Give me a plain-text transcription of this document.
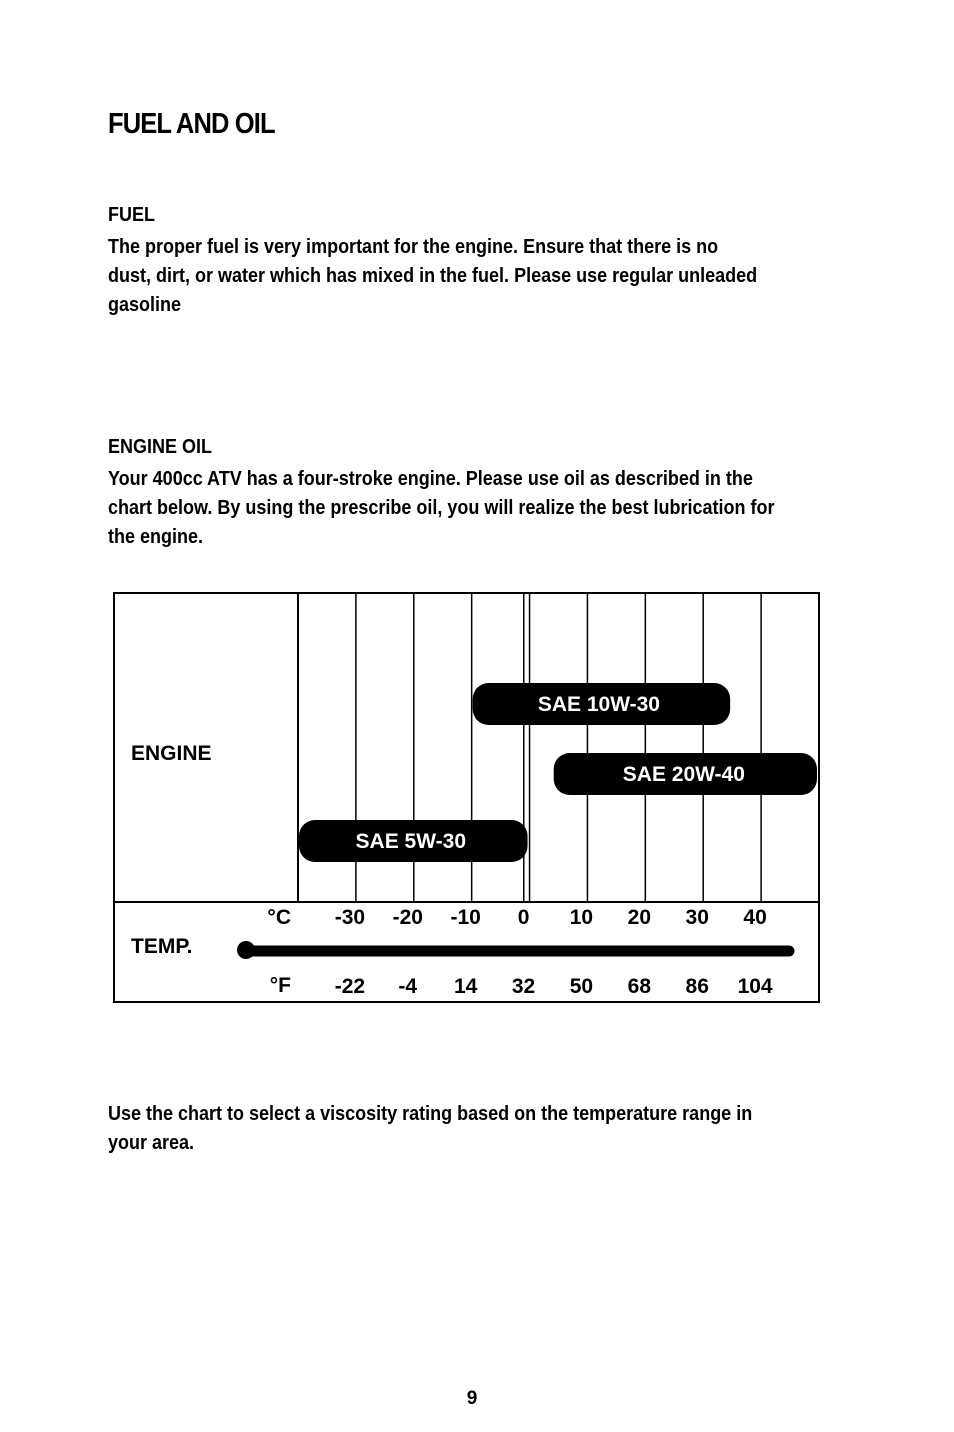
FUEL AND OIL
FUEL
The proper fuel is very important for the engine. Ensure that there is no
dust, dirt, or water which has mixed in the fuel. Please use regular unleaded
gasoline
ENGINE OIL
Your 400cc ATV has a four-stroke engine. Please use oil as described in the
chart below. By using the prescribe oil, you will realize the best lubrication for
the engine.
ENGINE
TEMP.
SAE 10W-30
SAE 20W-40
SAE 5W-30
°C
°F
-30 -20 -10 0 10 20 30 40
-22 -4 14 32 50 68 86 104
Use the chart to select a viscosity rating based on the temperature range in
your area.
9
